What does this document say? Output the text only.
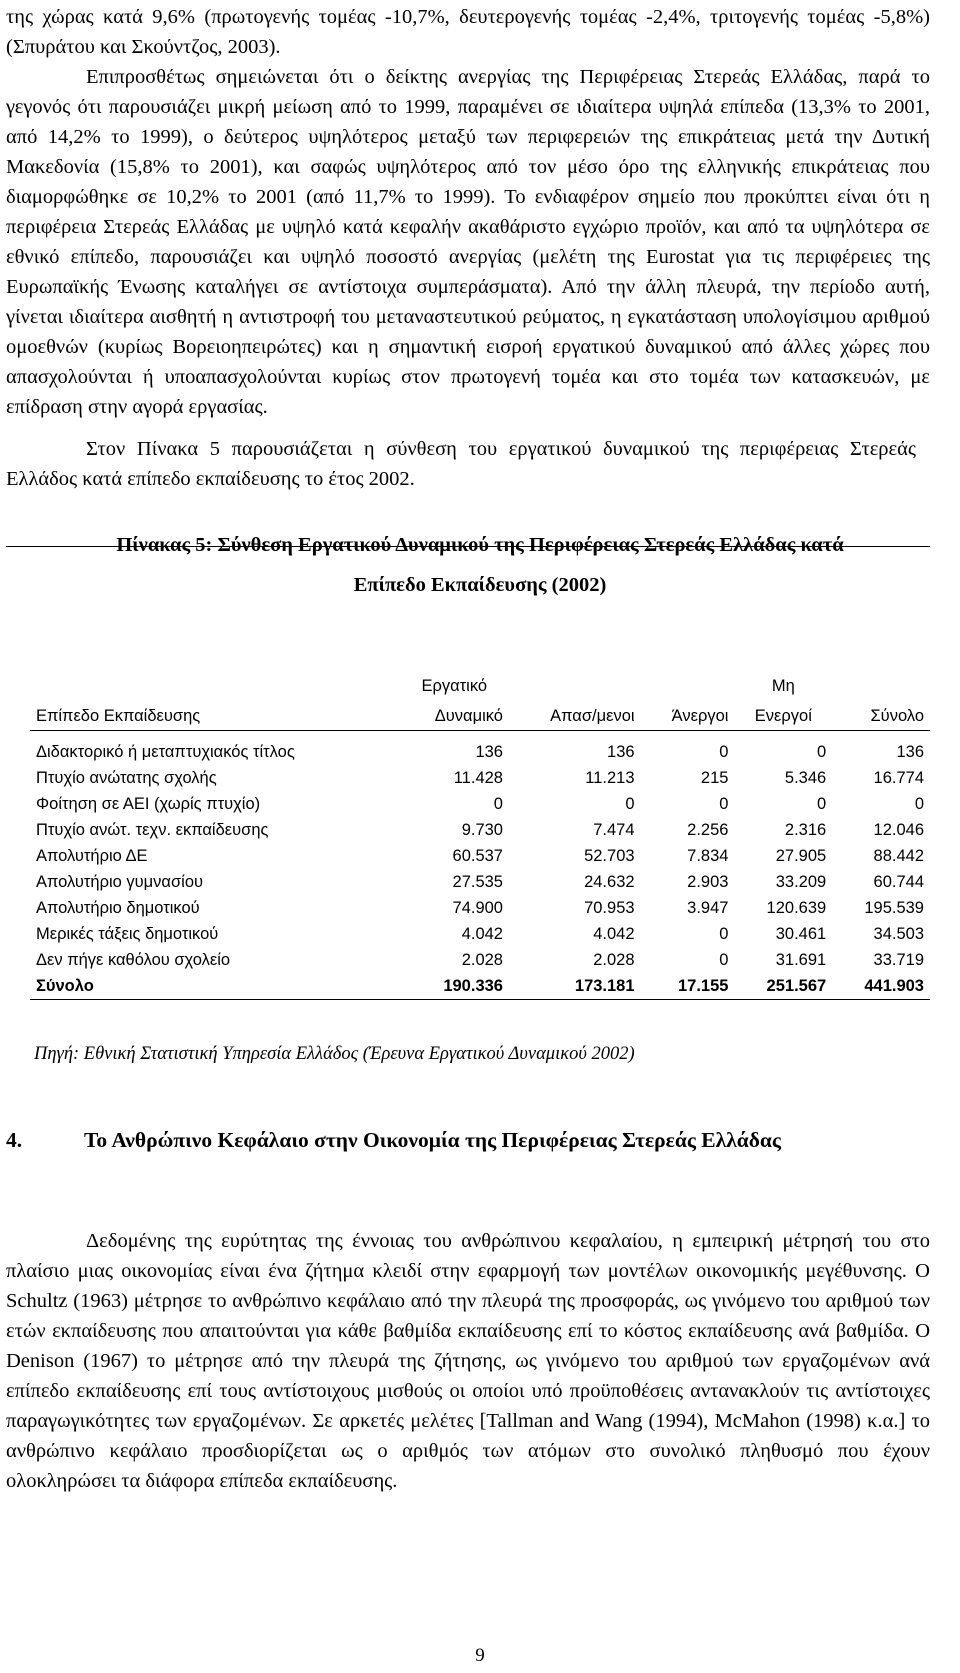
της χώρας κατά 9,6% (πρωτογενής τομέας -10,7%, δευτερογενής τομέας -2,4%, τριτογενής τομέας -5,8%) (Σπυράτου και Σκούντζος, 2003).

Επιπροσθέτως σημειώνεται ότι ο δείκτης ανεργίας της Περιφέρειας Στερεάς Ελλάδας, παρά το γεγονός ότι παρουσιάζει μικρή μείωση από το 1999, παραμένει σε ιδιαίτερα υψηλά επίπεδα (13,3% το 2001, από 14,2% το 1999), ο δεύτερος υψηλότερος μεταξύ των περιφερειών της επικράτειας μετά την Δυτική Μακεδονία (15,8% το 2001), και σαφώς υψηλότερος από τον μέσο όρο της ελληνικής επικράτειας που διαμορφώθηκε σε 10,2% το 2001 (από 11,7% το 1999). Το ενδιαφέρον σημείο που προκύπτει είναι ότι η περιφέρεια Στερεάς Ελλάδας με υψηλό κατά κεφαλήν ακαθάριστο εγχώριο προϊόν, και από τα υψηλότερα σε εθνικό επίπεδο, παρουσιάζει και υψηλό ποσοστό ανεργίας (μελέτη της Eurostat για τις περιφέρειες της Ευρωπαϊκής Ένωσης καταλήγει σε αντίστοιχα συμπεράσματα). Από την άλλη πλευρά, την περίοδο αυτή, γίνεται ιδιαίτερα αισθητή η αντιστροφή του μεταναστευτικού ρεύματος, η εγκατάσταση υπολογίσιμου αριθμού ομοεθνών (κυρίως Βορειοηπειρώτες) και η σημαντική εισροή εργατικού δυναμικού από άλλες χώρες που απασχολούνται ή υποαπασχολούνται κυρίως στον πρωτογενή τομέα και στο τομέα των κατασκευών, με επίδραση στην αγορά εργασίας.

Στον Πίνακα 5 παρουσιάζεται η σύνθεση του εργατικού δυναμικού της περιφέρειας Στερεάς Ελλάδος κατά επίπεδο εκπαίδευσης το έτος 2002.

Πίνακας 5: Σύνθεση Εργατικού Δυναμικού της Περιφέρειας Στερεάς Ελλάδας κατά

Επίπεδο Εκπαίδευσης (2002)

	Εργατικό			Μη	
Επίπεδο Εκπαίδευσης	Δυναμικό	Απασ/μενοι	Άνεργοι	Ενεργοί	Σύνολο
Διδακτορικό ή μεταπτυχιακός τίτλος	136	136	0	0	136
Πτυχίο ανώτατης σχολής	11.428	11.213	215	5.346	16.774
Φοίτηση σε ΑΕΙ (χωρίς πτυχίο)	0	0	0	0	0
Πτυχίο ανώτ. τεχν. εκπαίδευσης	9.730	7.474	2.256	2.316	12.046
Απολυτήριο ΔΕ	60.537	52.703	7.834	27.905	88.442
Απολυτήριο γυμνασίου	27.535	24.632	2.903	33.209	60.744
Απολυτήριο δημοτικού	74.900	70.953	3.947	120.639	195.539
Μερικές τάξεις δημοτικού	4.042	4.042	0	30.461	34.503
Δεν πήγε καθόλου σχολείο	2.028	2.028	0	31.691	33.719
Σύνολο	190.336	173.181	17.155	251.567	441.903

Πηγή: Εθνική Στατιστική Υπηρεσία Ελλάδος (Έρευνα Εργατικού Δυναμικού 2002)

4.	Το Ανθρώπινο Κεφάλαιο στην Οικονομία της Περιφέρειας Στερεάς Ελλάδας

Δεδομένης της ευρύτητας της έννοιας του ανθρώπινου κεφαλαίου, η εμπειρική μέτρησή του στο πλαίσιο μιας οικονομίας είναι ένα ζήτημα κλειδί στην εφαρμογή των μοντέλων οικονομικής μεγέθυνσης. Ο Schultz (1963) μέτρησε το ανθρώπινο κεφάλαιο από την πλευρά της προσφοράς, ως γινόμενο του αριθμού των ετών εκπαίδευσης που απαιτούνται για κάθε βαθμίδα εκπαίδευσης επί το κόστος εκπαίδευσης ανά βαθμίδα. Ο Denison (1967) το μέτρησε από την πλευρά της ζήτησης, ως γινόμενο του αριθμού των εργαζομένων ανά επίπεδο εκπαίδευσης επί τους αντίστοιχους μισθούς οι οποίοι υπό προϋποθέσεις αντανακλούν τις αντίστοιχες παραγωγικότητες των εργαζομένων. Σε αρκετές μελέτες [Tallman and Wang (1994), McMahon (1998) κ.α.] το ανθρώπινο κεφάλαιο προσδιορίζεται ως ο αριθμός των ατόμων στο συνολικό πληθυσμό που έχουν ολοκληρώσει τα διάφορα επίπεδα εκπαίδευσης.

9
